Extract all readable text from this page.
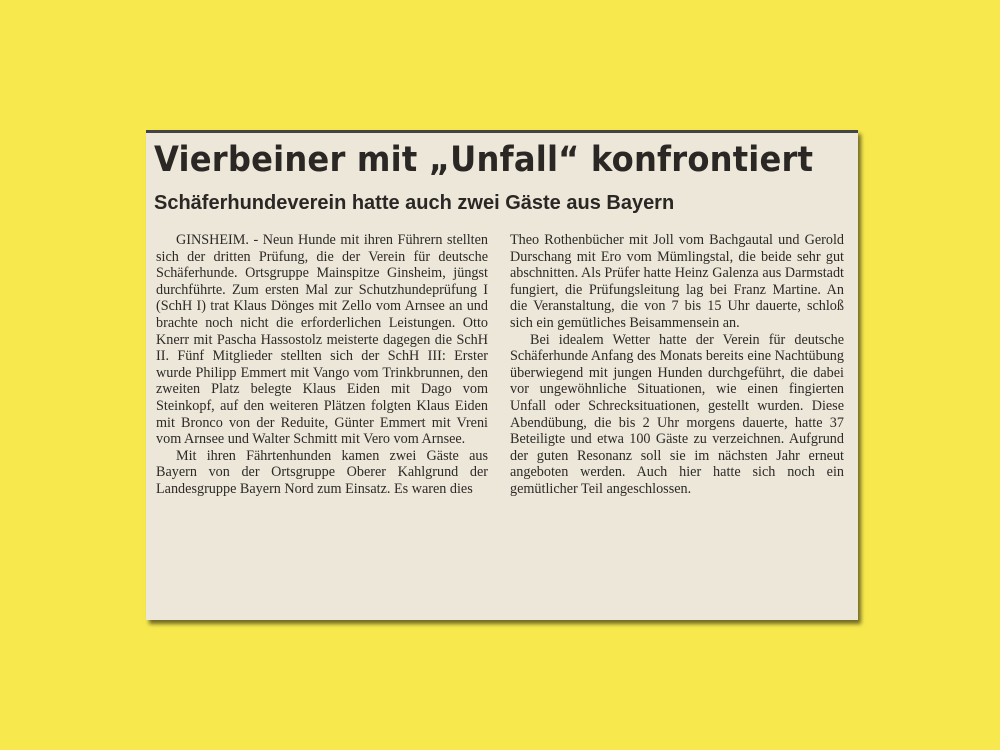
Vierbeiner mit „Unfall“ konfrontiert
Schäferhundeverein hatte auch zwei Gäste aus Bayern

GINSHEIM. - Neun Hunde mit ihren Führern stellten sich der dritten Prüfung, die der Verein für deutsche Schäferhunde. Ortsgruppe Mainspitze Ginsheim, jüngst durchführte. Zum ersten Mal zur Schutzhundeprüfung I (SchH I) trat Klaus Dönges mit Zello vom Arnsee an und brachte noch nicht die erforderlichen Leistungen. Otto Knerr mit Pascha Hassostolz meisterte dagegen die SchH II. Fünf Mitglieder stellten sich der SchH III: Erster wurde Philipp Emmert mit Vango vom Trinkbrunnen, den zweiten Platz belegte Klaus Eiden mit Dago vom Steinkopf, auf den weiteren Plätzen folgten Klaus Eiden mit Bronco von der Reduite, Günter Emmert mit Vreni vom Arnsee und Walter Schmitt mit Vero vom Arnsee.

Mit ihren Fährtenhunden kamen zwei Gäste aus Bayern von der Ortsgruppe Oberer Kahlgrund der Landesgruppe Bayern Nord zum Einsatz. Es waren dies

Theo Rothenbücher mit Joll vom Bachgautal und Gerold Durschang mit Ero vom Mümlingstal, die beide sehr gut abschnitten. Als Prüfer hatte Heinz Galenza aus Darmstadt fungiert, die Prüfungsleitung lag bei Franz Martine. An die Veranstaltung, die von 7 bis 15 Uhr dauerte, schloß sich ein gemütliches Beisammensein an.

Bei idealem Wetter hatte der Verein für deutsche Schäferhunde Anfang des Monats bereits eine Nachtübung überwiegend mit jungen Hunden durchgeführt, die dabei vor ungewöhnliche Situationen, wie einen fingierten Unfall oder Schrecksituationen, gestellt wurden. Diese Abendübung, die bis 2 Uhr morgens dauerte, hatte 37 Beteiligte und etwa 100 Gäste zu verzeichnen. Aufgrund der guten Resonanz soll sie im nächsten Jahr erneut angeboten werden. Auch hier hatte sich noch ein gemütlicher Teil angeschlossen.
